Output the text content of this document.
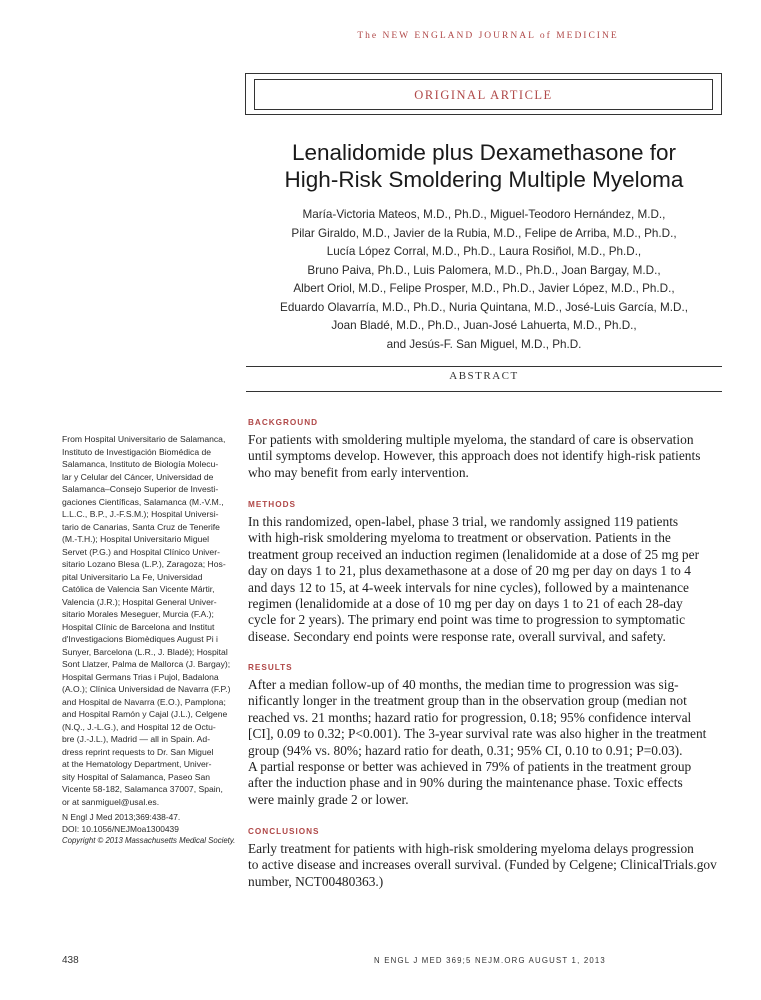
The NEW ENGLAND JOURNAL of MEDICINE
ORIGINAL ARTICLE
Lenalidomide plus Dexamethasone for
High-Risk Smoldering Multiple Myeloma
María-Victoria Mateos, M.D., Ph.D., Miguel-Teodoro Hernández, M.D.,
Pilar Giraldo, M.D., Javier de la Rubia, M.D., Felipe de Arriba, M.D., Ph.D.,
Lucía López Corral, M.D., Ph.D., Laura Rosiñol, M.D., Ph.D.,
Bruno Paiva, Ph.D., Luis Palomera, M.D., Ph.D., Joan Bargay, M.D.,
Albert Oriol, M.D., Felipe Prosper, M.D., Ph.D., Javier López, M.D., Ph.D.,
Eduardo Olavarría, M.D., Ph.D., Nuria Quintana, M.D., José-Luis García, M.D.,
Joan Bladé, M.D., Ph.D., Juan-José Lahuerta, M.D., Ph.D.,
and Jesús-F. San Miguel, M.D., Ph.D.
ABSTRACT
BACKGROUND
For patients with smoldering multiple myeloma, the standard of care is observation
until symptoms develop. However, this approach does not identify high-risk patients
who may benefit from early intervention.
METHODS
In this randomized, open-label, phase 3 trial, we randomly assigned 119 patients
with high-risk smoldering myeloma to treatment or observation. Patients in the
treatment group received an induction regimen (lenalidomide at a dose of 25 mg per
day on days 1 to 21, plus dexamethasone at a dose of 20 mg per day on days 1 to 4
and days 12 to 15, at 4-week intervals for nine cycles), followed by a maintenance
regimen (lenalidomide at a dose of 10 mg per day on days 1 to 21 of each 28-day
cycle for 2 years). The primary end point was time to progression to symptomatic
disease. Secondary end points were response rate, overall survival, and safety.
RESULTS
After a median follow-up of 40 months, the median time to progression was sig-
nificantly longer in the treatment group than in the observation group (median not
reached vs. 21 months; hazard ratio for progression, 0.18; 95% confidence interval
[CI], 0.09 to 0.32; P<0.001). The 3-year survival rate was also higher in the treatment
group (94% vs. 80%; hazard ratio for death, 0.31; 95% CI, 0.10 to 0.91; P=0.03).
A partial response or better was achieved in 79% of patients in the treatment group
after the induction phase and in 90% during the maintenance phase. Toxic effects
were mainly grade 2 or lower.
CONCLUSIONS
Early treatment for patients with high-risk smoldering myeloma delays progression
to active disease and increases overall survival. (Funded by Celgene; ClinicalTrials.gov
number, NCT00480363.)
From Hospital Universitario de Salamanca,
Instituto de Investigación Biomédica de
Salamanca, Instituto de Biología Molecu-
lar y Celular del Cáncer, Universidad de
Salamanca–Consejo Superior de Investi-
gaciones Científicas, Salamanca (M.-V.M.,
L.L.C., B.P., J.-F.S.M.); Hospital Universi-
tario de Canarias, Santa Cruz de Tenerife
(M.-T.H.); Hospital Universitario Miguel
Servet (P.G.) and Hospital Clínico Univer-
sitario Lozano Blesa (L.P.), Zaragoza; Hos-
pital Universitario La Fe, Universidad
Católica de Valencia San Vicente Mártir,
Valencia (J.R.); Hospital General Univer-
sitario Morales Meseguer, Murcia (F.A.);
Hospital Clínic de Barcelona and Institut
d'Investigacions Biomèdiques August Pi i
Sunyer, Barcelona (L.R., J. Bladé); Hospital
Sont Llatzer, Palma de Mallorca (J. Bargay);
Hospital Germans Trias i Pujol, Badalona
(A.O.); Clínica Universidad de Navarra (F.P.)
and Hospital de Navarra (E.O.), Pamplona;
and Hospital Ramón y Cajal (J.L.), Celgene
(N.Q., J.-L.G.), and Hospital 12 de Octu-
bre (J.-J.L.), Madrid — all in Spain. Ad-
dress reprint requests to Dr. San Miguel
at the Hematology Department, Univer-
sity Hospital of Salamanca, Paseo San
Vicente 58-182, Salamanca 37007, Spain,
or at sanmiguel@usal.es.
N Engl J Med 2013;369:438-47.
DOI: 10.1056/NEJMoa1300439
Copyright © 2013 Massachusetts Medical Society.
438	N ENGL J MED 369;5 NEJM.ORG AUGUST 1, 2013
